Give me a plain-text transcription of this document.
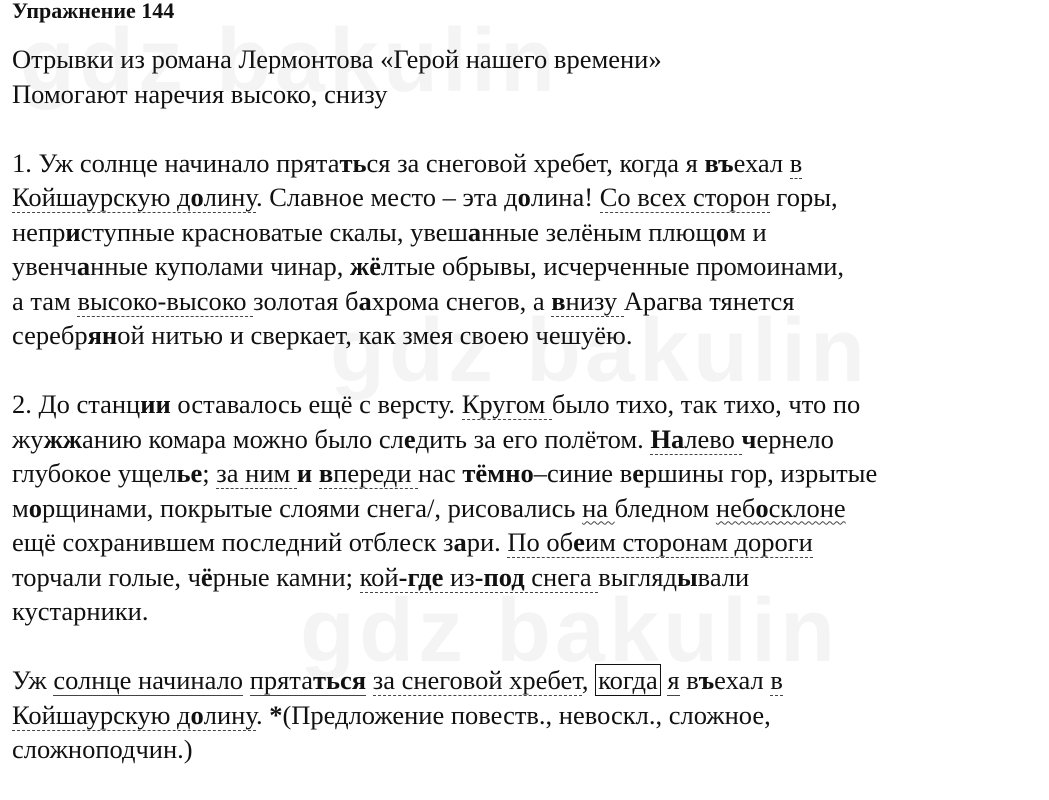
Упражнение 144
Отрывки из романа Лермонтова «Герой нашего времени»
Помогают наречия высоко, снизу
1. Уж солнце начинало прятаться за снеговой хребет, когда я въехал в
Койшаурскую долину. Славное место – эта долина! Со всех сторон горы,
неприступные красноватые скалы, увешанные зелёным плющом и
увенчанные куполами чинар, жёлтые обрывы, исчерченные промоинами,
а там высоко-высоко золотая бахрома снегов, а внизу Арагва тянется
серебряной нитью и сверкает, как змея своею чешуёю.
2. До станции оставалось ещё с версту. Кругом было тихо, так тихо, что по
жужжанию комара можно было следить за его полётом. Налево чернело
глубокое ущелье; за ним и впереди нас тёмно–синие вершины гор, изрытые
морщинами, покрытые слоями снега/, рисовались на бледном небосклоне
ещё сохранившем последний отблеск зари. По обеим сторонам дороги
торчали голые, чёрные камни; кой-где из-под снега выглядывали
кустарники.
Уж солнце начинало прятаться за снеговой хребет, когда я въехал в
Койшаурскую долину. *(Предложение повеств., невоскл., сложное,
сложноподчин.)
